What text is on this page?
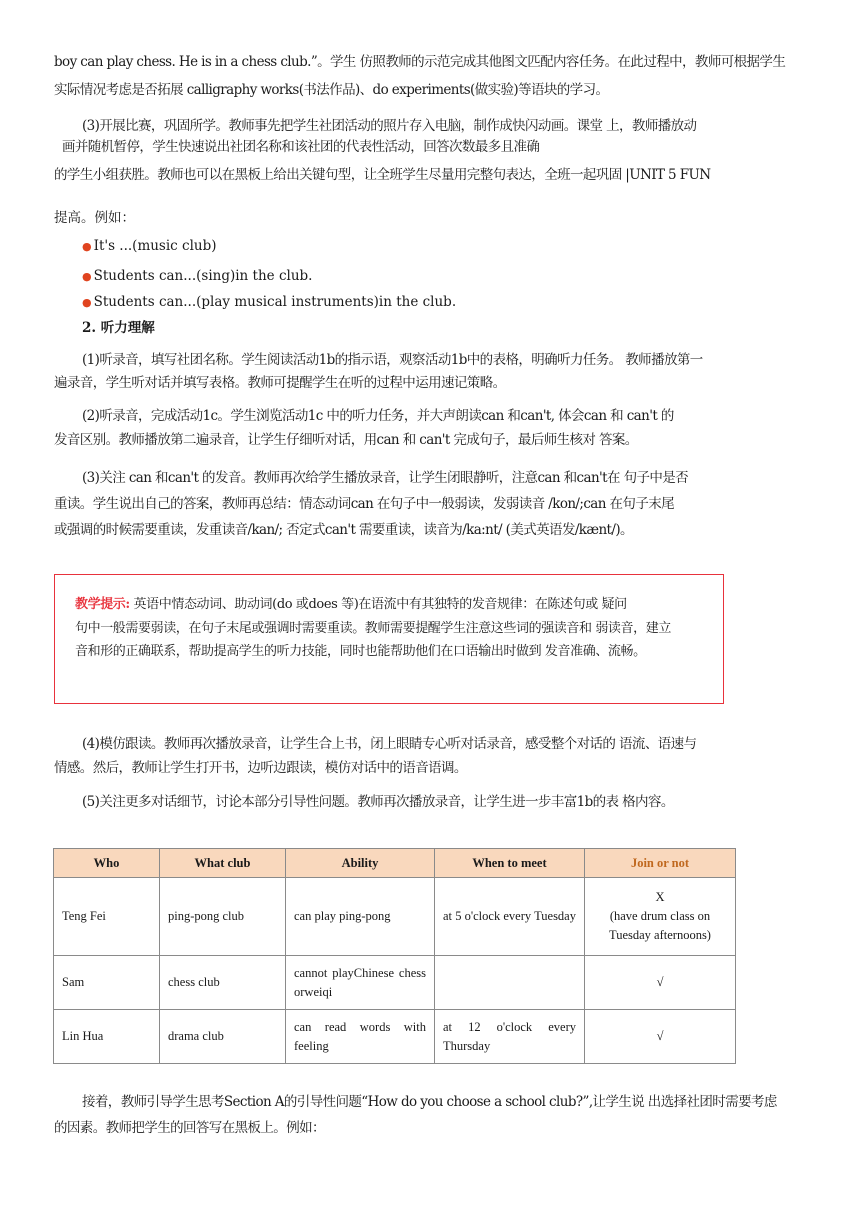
boy can play chess. He is in a chess club.”。学生 仿照教师的示范完成其他图文匹配内容任务。在此过程中，教师可根据学生
实际情况考虑是否拓展 calligraphy works(书法作品)、do experiments(做实验)等语块的学习。
(3)开展比赛，巩固所学。教师事先把学生社团活动的照片存入电脑，制作成快闪动画。课堂 上，教师播放动
画并随机暂停，学生快速说出社团名称和该社团的代表性活动，回答次数最多且准确
的学生小组获胜。教师也可以在黑板上给出关键句型，让全班学生尽量用完整句表达，全班一起巩固 |UNIT 5 FUN
提高。例如：
● It's ...(music club)
● Students can...(sing)in the club.
● Students can...(play musical instruments)in the club.
2. 听力理解
(1)听录音，填写社团名称。学生阅读活动1b的指示语，观察活动1b中的表格，明确听力任务。 教师播放第一
遍录音，学生听对话并填写表格。教师可提醒学生在听的过程中运用速记策略。
(2)听录音，完成活动1c。学生浏览活动1c 中的听力任务，并大声朗读can 和can't, 体会can 和 can't 的
发音区别。教师播放第二遍录音，让学生仔细听对话，用can 和 can't 完成句子，最后师生核对 答案。
(3)关注 can 和can't 的发音。教师再次给学生播放录音，让学生闭眼静听，注意can 和can't在 句子中是否
重读。学生说出自己的答案，教师再总结：情态动词can 在句子中一般弱读，发弱读音 /kon/;can 在句子末尾
或强调的时候需要重读，发重读音/kan/; 否定式can't 需要重读，读音为/ka:nt/ (美式英语发/kænt/)。
教学提示: 英语中情态动词、助动词(do 或does 等)在语流中有其独特的发音规律：在陈述句或 疑问
句中一般需要弱读，在句子末尾或强调时需要重读。教师需要提醒学生注意这些词的强读音和 弱读音，建立
音和形的正确联系，帮助提高学生的听力技能，同时也能帮助他们在口语输出时做到 发音准确、流畅。
(4)模仿跟读。教师再次播放录音，让学生合上书，闭上眼睛专心听对话录音，感受整个对话的 语流、语速与
情感。然后，教师让学生打开书，边听边跟读，模仿对话中的语音语调。
(5)关注更多对话细节，讨论本部分引导性问题。教师再次播放录音，让学生进一步丰富1b的表 格内容。
Who	What club	Ability	When to meet	Join or not
Teng Fei	ping-pong club	can play ping-pong	at 5 o'clock every Tuesday	X
(have drum class on Tuesday afternoons)

Sam	chess club	cannot playChinese chess orweiqi		√
Lin Hua	drama club	can read words with feeling	at 12 o'clock every Thursday	√
接着，教师引导学生思考Section A的引导性问题“How do you choose a school club?”,让学生说 出选择社团时需要考虑
的因素。教师把学生的回答写在黑板上。例如：
